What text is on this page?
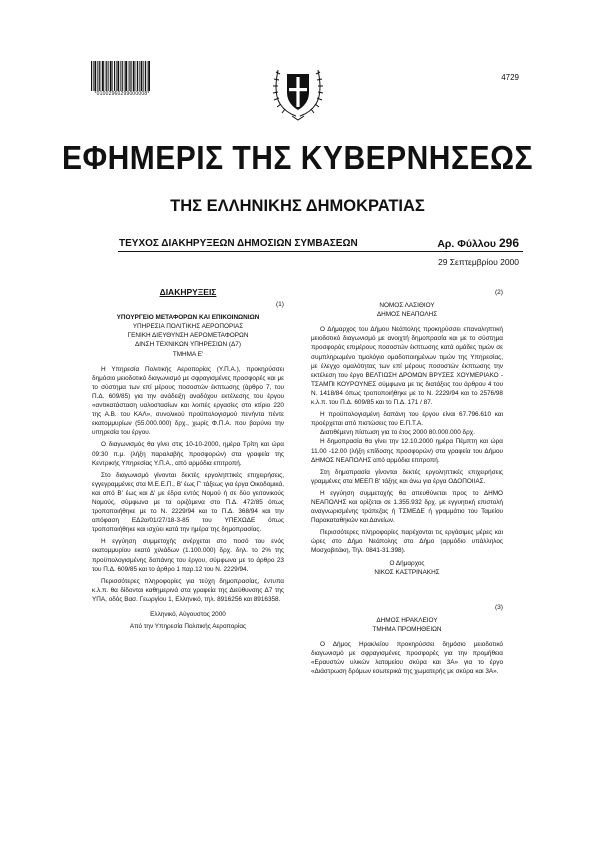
*01002960299000008*
4729
ΕΦΗΜΕΡΙΣ ΤΗΣ ΚΥΒΕΡΝΗΣΕΩΣ
ΤΗΣ ΕΛΛΗΝΙΚΗΣ ΔΗΜΟΚΡΑΤΙΑΣ
ΤΕΥΧΟΣ ΔΙΑΚΗΡΥΞΕΩΝ ΔΗΜΟΣΙΩΝ ΣΥΜΒΑΣΕΩΝ	Αρ. Φύλλου 296
29 Σεπτεμβρίου 2000
ΔΙΑΚΗΡΥΞΕΙΣ
(1)

ΥΠΟΥΡΓΕΙΟ ΜΕΤΑΦΟΡΩΝ ΚΑΙ ΕΠΙΚΟΙΝΩΝΙΩΝ

ΥΠΗΡΕΣΙΑ ΠΟΛΙΤΙΚΗΣ ΑΕΡΟΠΟΡΙΑΣ

ΓΕΝΙΚΗ ΔΙΕΥΘΥΝΣΗ ΑΕΡΟΜΕΤΑΦΟΡΩΝ

ΔΙΝΣΗ ΤΕΧΝΙΚΩΝ ΥΠΗΡΕΣΙΩΝ (Δ7)

ΤΜΗΜΑ Ε'

Η Υπηρεσία Πολιτικής Αεροπορίας (Υ.Π.Α.), προκηρύσσει δημόσιο μειοδοτικό διαγωνισμό με σφραγισμένες προσφορές και με το σύστημα των επί μέρους ποσοστών έκπτωσης (άρθρο 7, του Π.Δ. 609/85) για την ανάδειξη αναδόχου εκτέλεσης του έργου «αντικατάσταση υαλοστασίων και λοιπές εργασίες στο κτίριο 220 της Α.Β. του ΚΑΛ», συνολικού προϋπολογισμού πενήντα πέντε εκατομμυρίων (55.000.000) δρχ., χωρίς Φ.Π.Α. που βαρύνει την υπηρεσία του έργου.

Ο διαγωνισμός θα γίνει στις 10-10-2000, ημέρα Τρίτη και ώρα 09:30 π.μ. (λήξη παραλαβής προσφορών) στα γραφεία της Κεντρικής Υπηρεσίας Υ.Π.Α., από αρμόδια επιτροπή.

Στο διαγωνισμό γίνονται δεκτές εργοληπτικές επιχειρήσεις, εγγεγραμμένες στα Μ.Ε.Ε.Π., Β' έως Γ' τάξεως για έργα Οικοδομικά, και από Β' έως και Δ' με έδρα εντός Νομού ή σε δύο γειτονικούς Νομούς, σύμφωνα με τα οριζόμενα στο Π.Δ. 472/85 όπως τροποποιήθηκε με το Ν. 2229/94 και το Π.Δ. 368/94 και την απόφαση ΕΔ2α/01/27/18-3-85 του ΥΠΕΧΩΔΕ όπως τροποποιήθηκε και ισχύει κατά την ημέρα της δημοπρασίας.

Η εγγύηση συμμετοχής ανέρχεται στο ποσό του ενός εκατομμυρίου εκατό χιλιάδων (1.100.000) δρχ. δηλ. το 2% της προϋπολογισμένης δαπάνης του έργου, σύμφωνα με το άρθρο 23 του Π.Δ. 609/85 και το άρθρο 1 παρ.12 του Ν. 2229/94.

Περισσότερες πληροφορίες για τεύχη δημοπρασίας, έντυπα κ.λ.π. θα δίδονται καθημερινά στα γραφεία της Διεύθυνσης Δ7 της ΥΠΑ, οδός Βασ. Γεωργίου 1, Ελληνικό, τηλ. 8916256 και 8916358.

Ελληνικό, Αύγουστος 2000

Από την Υπηρεσία Πολιτικής Αεροπορίας

(2)

ΝΟΜΟΣ ΛΑΣΙΘΙΟΥ

ΔΗΜΟΣ ΝΕΑΠΟΛΗΣ

Ο Δήμαρχος του Δήμου Νεάπολης προκηρύσσει επαναληπτική μειοδοτικό διαγωνισμό με ανοιχτή δημοπρασία και με το σύστημα προσφοράς επιμέρους ποσοστών έκπτωσης κατά ομάδες τιμών σε συμπληρωμένο τιμολόγιο ομαδοποιημένων τιμών της Υπηρεσίας, με έλεγχο ομαλότητας των επί μέρους ποσοστών έκπτωσης την εκτέλεση του έργο ΒΕΛΤΙΩΣΗ ΔΡΟΜΩΝ ΒΡΥΣΕΣ ΧΟΥΜΕΡΙΑΚΟ - ΤΣΑΜΠΙ ΚΟΥΡΟΥΝΕΣ σύμφωνα με τις διατάξεις του άρθρου 4 του Ν. 1418/84 όπως τροποποιήθηκε με το Ν. 2229/94 και το 2576/98 κ.λ.π. του Π.Δ. 609/85 και το Π.Δ. 171 / 87.

Η προϋπολογισμένη δαπάνη του έργου είναι 67.796.610 και προέρχεται από πιστώσεις του Ε.Π.Τ.Α.

Διατιθέμενη πίστωση για το έτος 2000 80.000.000 δρχ.

Η δημοπρασία θα γίνει την 12.10.2000 ημέρα Πέμπτη και ώρα 11.00 -12.00 (λήξη επίδοσης προσφορών) στα γραφεία του Δήμου ΔΗΜΟΣ ΝΕΑΠΟΛΗΣ από αρμόδια επιτροπή.

Στη δημοπρασία γίνονται δεκτές εργοληπτικές επιχειρήσεις γραμμένες στα ΜΕΕΠ Β' τάξης και άνω για έργα ΟΔΟΠΟΙΙΑΣ.

Η εγγύηση συμμετοχής θα απευθύνεται προς το ΔΗΜΟ ΝΕΑΠΟΛΗΣ και ορίζεται σε 1.355.932 δρχ. με εγγυητική επιστολή αναγνωρισμένης τράπεζας ή ΤΣΜΕΔΕ ή γραμμάτιο του Ταμείου Παρακαταθηκών και Δανείων.

Περισσότερες πληροφορίες παρέχονται τις εργάσιμες μέρες και ώρες στο Δήμο Νεάπολης στο Δήμο (αρμόδιο υπάλληλος Μοσχοβιτάκη, Τηλ. 0841-31.398).

Ο Δήμαρχος

ΝΙΚΟΣ ΚΑΣΤΡΙΝΑΚΗΣ

(3)

ΔΗΜΟΣ ΗΡΑΚΛΕΙΟΥ

ΤΜΗΜΑ ΠΡΟΜΗΘΕΙΩΝ

Ο Δήμος Ηρακλείου προκηρύσσει δημόσιο μειοδοτικό διαγωνισμό με σφραγισμένες προσφορές για την προμήθεια «Εραυστών υλικών λατομείου σκύρα και 3Α» για το έργο «Διάστρωση δρόμων εσωτερικά της χωματερής με σκύρα και 3Α».
